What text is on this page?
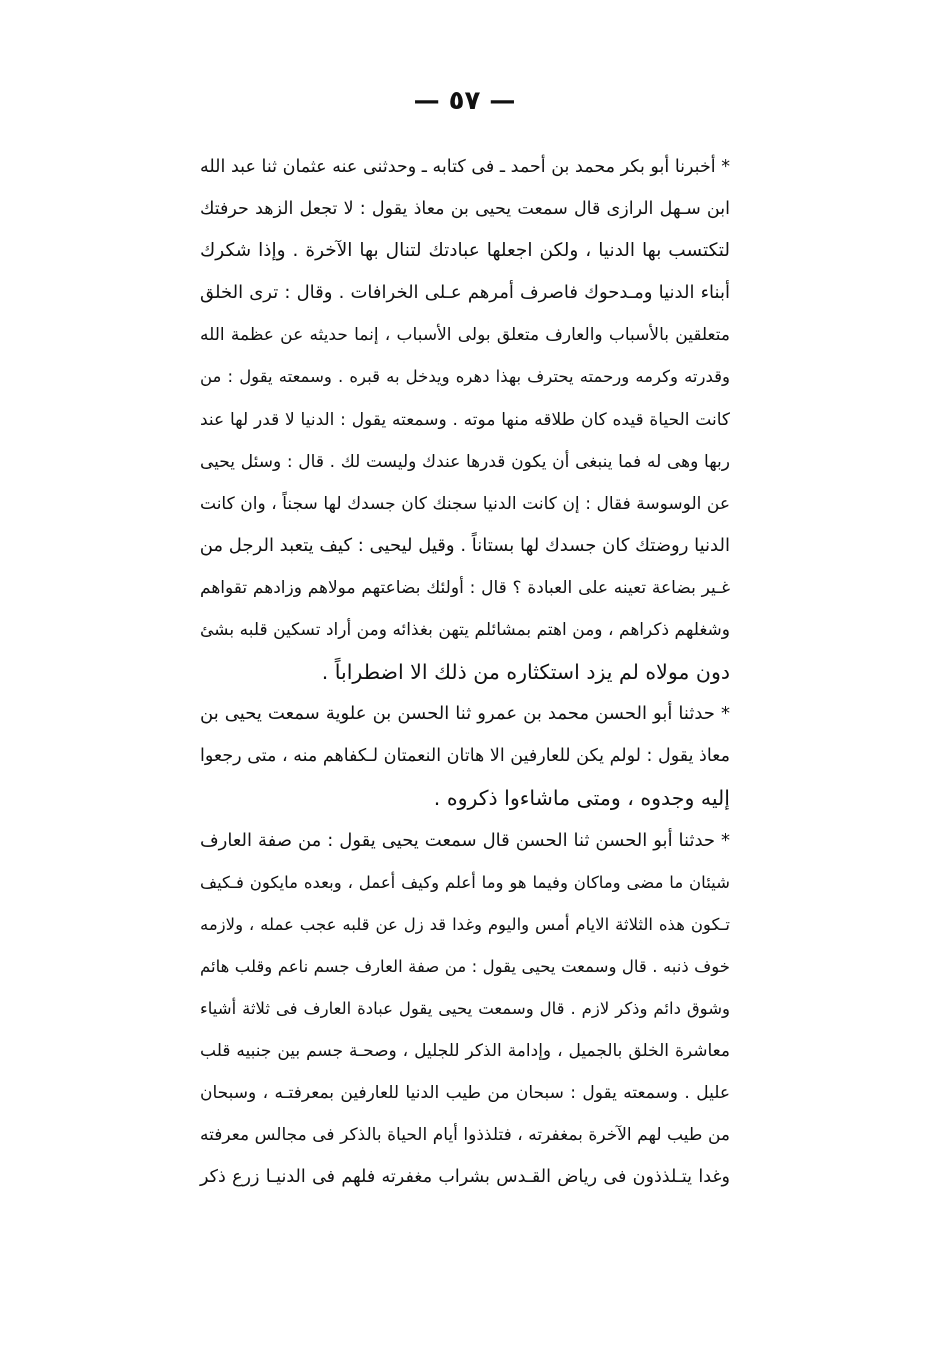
— ٥٧ —
* أخبرنا أبو بكر محمد بن أحمد ـ فى كتابه ـ وحدثنى عنه عثمان ثنا عبد الله
ابن سـهل الرازى قال سمعت يحيى بن معاذ يقول : لا تجعل الزهد حرفتك
لتكتسب بها الدنيا ، ولكن اجعلها عبادتك لتنال بها الآخرة . وإذا شكرك
أبناء الدنيا ومـدحوك فاصرف أمرهم عـلى الخرافات . وقال : ترى الخلق
متعلقين بالأسباب والعارف متعلق بولى الأسباب ، إنما حديثه عن عظمة الله
وقدرته وكرمه ورحمته يحترف بهذا دهره ويدخل به قبره . وسمعته يقول : من
كانت الحياة قيده كان طلاقه منها موته . وسمعته يقول : الدنيا لا قدر لها عند
ربها وهى له فما ينبغى أن يكون قدرها عندك وليست لك . قال : وسئل يحيى
عن الوسوسة فقال : إن كانت الدنيا سجنك كان جسدك لها سجناً ، وان كانت
الدنيا روضتك كان جسدك لها بستاناً . وقيل ليحيى : كيف يتعبد الرجل من
غـير بضاعة تعينه على العبادة ؟ قال : أولئك بضاعتهم مولاهم وزادهم تقواهم
وشغلهم ذكراهم ، ومن اهتم بمشائلم يتهن بغذائه ومن أراد تسكين قلبه بشئ
دون مولاه لم يزد استكثاره من ذلك الا اضطراباً .
* حدثنا أبو الحسن محمد بن عمرو ثنا الحسن بن علوية سمعت يحيى بن
معاذ يقول : لولم يكن للعارفين الا هاتان النعمتان لـكفاهم منه ، متى رجعوا
إليه وجدوه ، ومتى ماشاءوا ذكروه .
* حدثنا أبو الحسن ثنا الحسن قال سمعت يحيى يقول : من صفة العارف
شيئان ما مضى وماكان وفيما هو وما أعلم وكيف أعمل ، وبعده مايكون فـكيف
تـكون هذه الثلاثة الايام أمس واليوم وغدا قد زل عن قلبه عجب عمله ، ولازمه
خوف ذنبه . قال وسمعت يحيى يقول : من صفة العارف جسم ناعم وقلب هائم
وشوق دائم وذكر لازم . قال وسمعت يحيى يقول عبادة العارف فى ثلاثة أشياء
معاشرة الخلق بالجميل ، وإدامة الذكر للجليل ، وصحـة جسم بين جنبيه قلب
عليل . وسمعته يقول : سبحان من طيب الدنيا للعارفين بمعرفتـه ، وسبحان
من طيب لهم الآخرة بمغفرته ، فتلذذوا أيام الحياة بالذكر فى مجالس معرفته
وغدا يتـلذذون فى رياض القـدس بشراب مغفرته فلهم فى الدنيـا زرع ذكر
